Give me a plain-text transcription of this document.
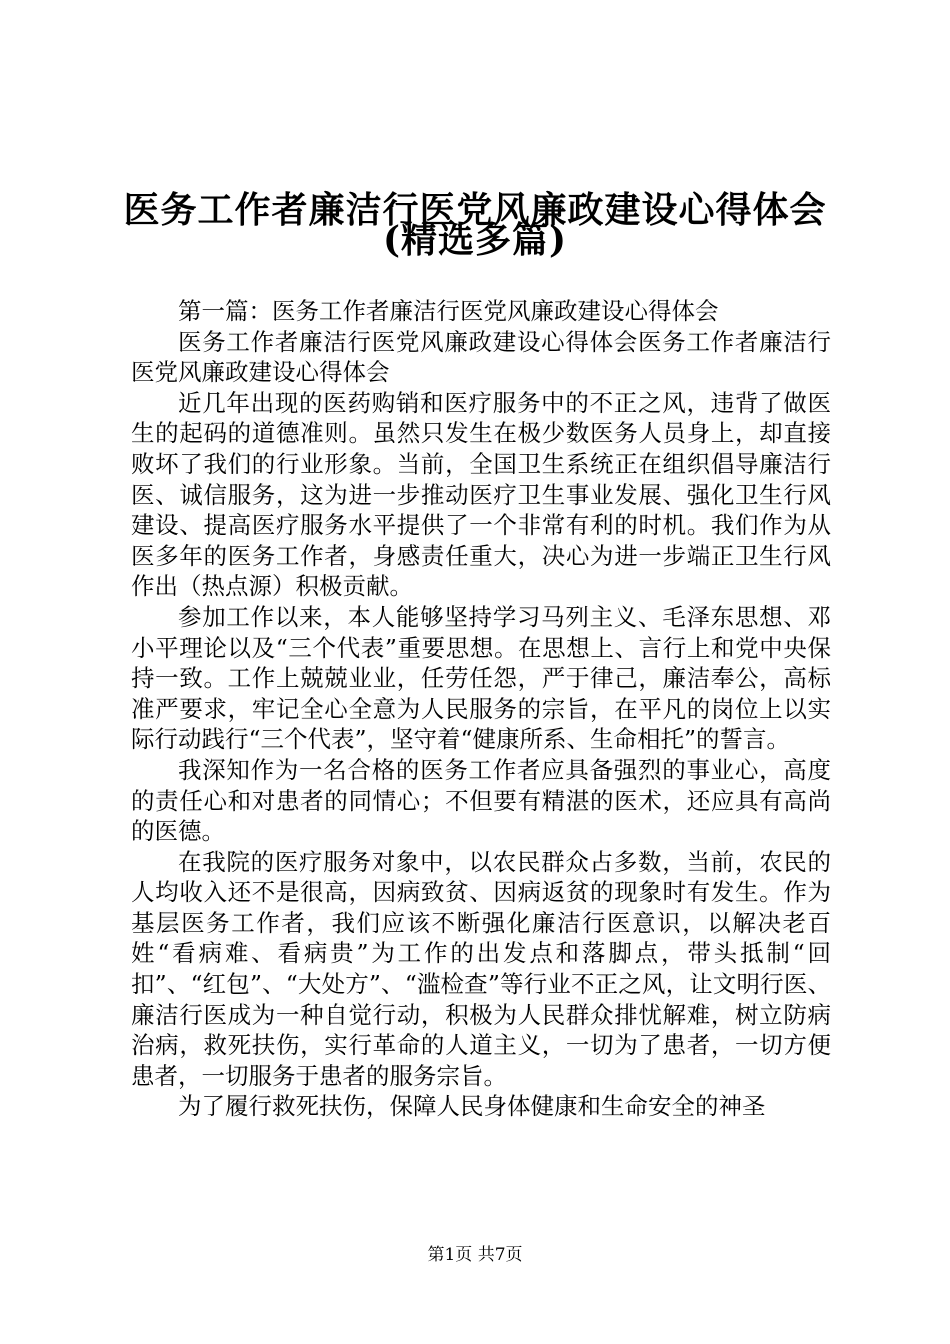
医务工作者廉洁行医党风廉政建设心得体会
(精选多篇)

第一篇：医务工作者廉洁行医党风廉政建设心得体会

医务工作者廉洁行医党风廉政建设心得体会医务工作者廉洁行医党风廉政建设心得体会

近几年出现的医药购销和医疗服务中的不正之风，违背了做医生的起码的道德准则。虽然只发生在极少数医务人员身上，却直接败坏了我们的行业形象。当前，全国卫生系统正在组织倡导廉洁行医、诚信服务，这为进一步推动医疗卫生事业发展、强化卫生行风建设、提高医疗服务水平提供了一个非常有利的时机。我们作为从医多年的医务工作者，身感责任重大，决心为进一步端正卫生行风作出（热点源）积极贡献。

参加工作以来，本人能够坚持学习马列主义、毛泽东思想、邓小平理论以及“三个代表”重要思想。在思想上、言行上和党中央保持一致。工作上兢兢业业，任劳任怨，严于律己，廉洁奉公，高标准严要求，牢记全心全意为人民服务的宗旨，在平凡的岗位上以实际行动践行“三个代表”，坚守着“健康所系、生命相托”的誓言。

我深知作为一名合格的医务工作者应具备强烈的事业心，高度的责任心和对患者的同情心；不但要有精湛的医术，还应具有高尚的医德。

在我院的医疗服务对象中，以农民群众占多数，当前，农民的人均收入还不是很高，因病致贫、因病返贫的现象时有发生。作为基层医务工作者，我们应该不断强化廉洁行医意识，以解决老百姓“看病难、看病贵”为工作的出发点和落脚点，带头抵制“回扣”、“红包”、“大处方”、“滥检查”等行业不正之风，让文明行医、廉洁行医成为一种自觉行动，积极为人民群众排忧解难，树立防病治病，救死扶伤，实行革命的人道主义，一切为了患者，一切方便患者，一切服务于患者的服务宗旨。

为了履行救死扶伤，保障人民身体健康和生命安全的神圣

第1页 共7页
